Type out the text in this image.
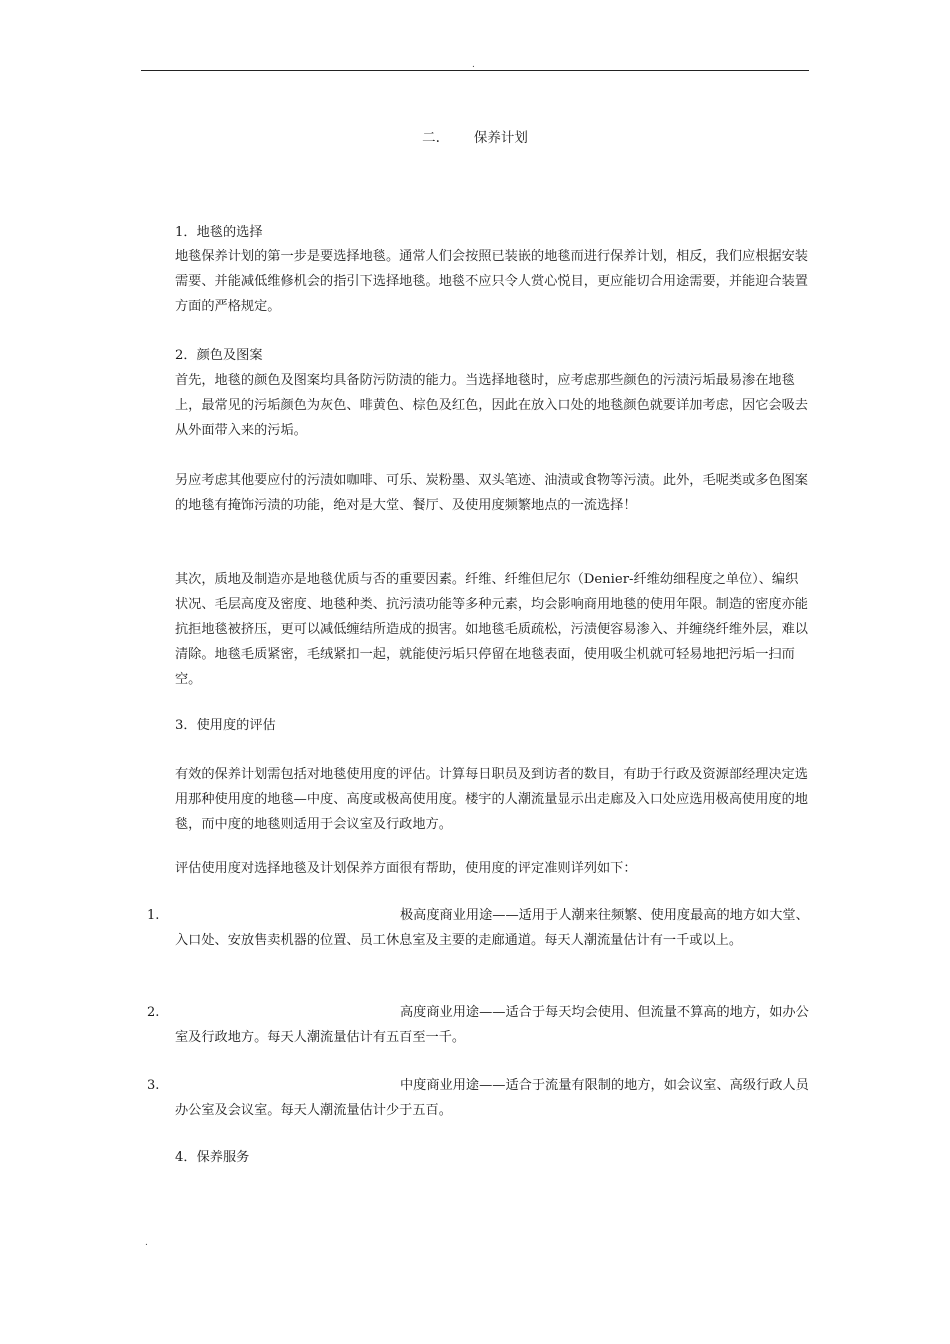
.
二.	保养计划
1．地毯的选择
地毯保养计划的第一步是要选择地毯。通常人们会按照已装嵌的地毯而进行保养计划，相反，我们应根据安装需要、并能减低维修机会的指引下选择地毯。地毯不应只令人赏心悦目，更应能切合用途需要，并能迎合装置方面的严格规定。
2．颜色及图案
首先，地毯的颜色及图案均具备防污防渍的能力。当选择地毯时，应考虑那些颜色的污渍污垢最易渗在地毯上，最常见的污垢颜色为灰色、啡黄色、棕色及红色，因此在放入口处的地毯颜色就要详加考虑，因它会吸去从外面带入来的污垢。
另应考虑其他要应付的污渍如咖啡、可乐、炭粉墨、双头笔迹、油渍或食物等污渍。此外，毛呢类或多色图案的地毯有掩饰污渍的功能，绝对是大堂、餐厅、及使用度频繁地点的一流选择！
其次，质地及制造亦是地毯优质与否的重要因素。纤维、纤维但尼尔（Denier-纤维幼细程度之单位）、编织状况、毛层高度及密度、地毯种类、抗污渍功能等多种元素，均会影响商用地毯的使用年限。制造的密度亦能抗拒地毯被挤压，更可以减低缠结所造成的损害。如地毯毛质疏松，污渍便容易渗入、并缠绕纤维外层，难以清除。地毯毛质紧密，毛绒紧扣一起，就能使污垢只停留在地毯表面，使用吸尘机就可轻易地把污垢一扫而空。
3．使用度的评估
有效的保养计划需包括对地毯使用度的评估。计算每日职员及到访者的数目，有助于行政及资源部经理决定选用那种使用度的地毯—中度、高度或极高使用度。楼宇的人潮流量显示出走廊及入口处应选用极高使用度的地毯，而中度的地毯则适用于会议室及行政地方。
评估使用度对选择地毯及计划保养方面很有帮助，使用度的评定准则详列如下：
1.	极高度商业用途——适用于人潮来往频繁、使用度最高的地方如大堂、入口处、安放售卖机器的位置、员工休息室及主要的走廊通道。每天人潮流量估计有一千或以上。
2.	高度商业用途——适合于每天均会使用、但流量不算高的地方，如办公室及行政地方。每天人潮流量估计有五百至一千。
3.	中度商业用途——适合于流量有限制的地方，如会议室、高级行政人员办公室及会议室。每天人潮流量估计少于五百。
4．保养服务
.
